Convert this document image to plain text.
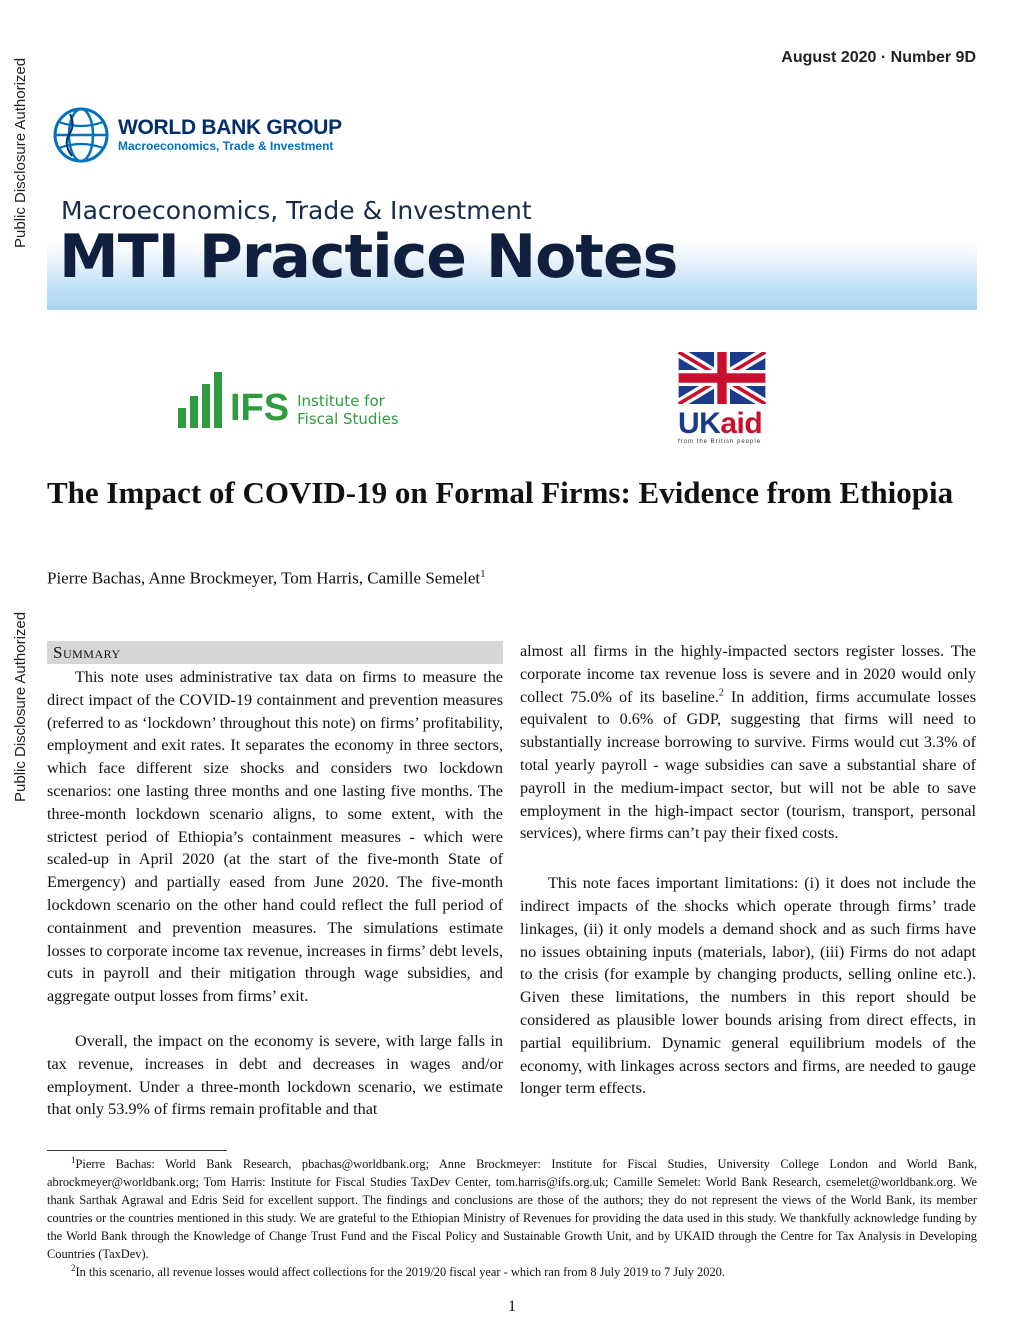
Public Disclosure Authorized
Public Disclosure Authorized
August 2020 · Number 9D
WORLD BANK GROUP
Macroeconomics, Trade & Investment
Macroeconomics, Trade & Investment
MTI Practice Notes
IFS Institute for
Fiscal Studies	UKaid
from the British people
The Impact of COVID-19 on Formal Firms: Evidence from Ethiopia
Pierre Bachas, Anne Brockmeyer, Tom Harris, Camille Semelet$^1$
Summary

This note uses administrative tax data on firms to measure the direct impact of the COVID-19 containment and prevention measures (referred to as ‘lockdown’ throughout this note) on firms’ profitability, employment and exit rates. It separates the economy in three sectors, which face different size shocks and considers two lockdown scenarios: one lasting three months and one lasting five months. The three-month lockdown scenario aligns, to some extent, with the strictest period of Ethiopia’s containment measures - which were scaled-up in April 2020 (at the start of the five-month State of Emergency) and partially eased from June 2020. The five-month lockdown scenario on the other hand could reflect the full period of containment and prevention measures. The simulations estimate losses to corporate income tax revenue, increases in firms’ debt levels, cuts in payroll and their mitigation through wage subsidies, and aggregate output losses from firms’ exit.

Overall, the impact on the economy is severe, with large falls in tax revenue, increases in debt and decreases in wages and/or employment. Under a three-month lockdown scenario, we estimate that only 53.9% of firms remain profitable and that

almost all firms in the highly-impacted sectors register losses. The corporate income tax revenue loss is severe and in 2020 would only collect 75.0% of its baseline.$^2$ In addition, firms accumulate losses equivalent to 0.6% of GDP, suggesting that firms will need to substantially increase borrowing to survive. Firms would cut 3.3% of total yearly payroll - wage subsidies can save a substantial share of payroll in the medium-impact sector, but will not be able to save employment in the high-impact sector (tourism, transport, personal services), where firms can’t pay their fixed costs.

This note faces important limitations: (i) it does not include the indirect impacts of the shocks which operate through firms’ trade linkages, (ii) it only models a demand shock and as such firms have no issues obtaining inputs (materials, labor), (iii) Firms do not adapt to the crisis (for example by changing products, selling online etc.). Given these limitations, the numbers in this report should be considered as plausible lower bounds arising from direct effects, in partial equilibrium. Dynamic general equilibrium models of the economy, with linkages across sectors and firms, are needed to gauge longer term effects.

$^1$Pierre Bachas: World Bank Research, pbachas@worldbank.org; Anne Brockmeyer: Institute for Fiscal Studies, University College London and World Bank, abrockmeyer@worldbank.org; Tom Harris: Institute for Fiscal Studies TaxDev Center, tom.harris@ifs.org.uk; Camille Semelet: World Bank Research, csemelet@worldbank.org. We thank Sarthak Agrawal and Edris Seid for excellent support. The findings and conclusions are those of the authors; they do not represent the views of the World Bank, its member countries or the countries mentioned in this study. We are grateful to the Ethiopian Ministry of Revenues for providing the data used in this study. We thankfully acknowledge funding by the World Bank through the Knowledge of Change Trust Fund and the Fiscal Policy and Sustainable Growth Unit, and by UKAID through the Centre for Tax Analysis in Developing Countries (TaxDev).

$^2$In this scenario, all revenue losses would affect collections for the 2019/20 fiscal year - which ran from 8 July 2019 to 7 July 2020.

1
